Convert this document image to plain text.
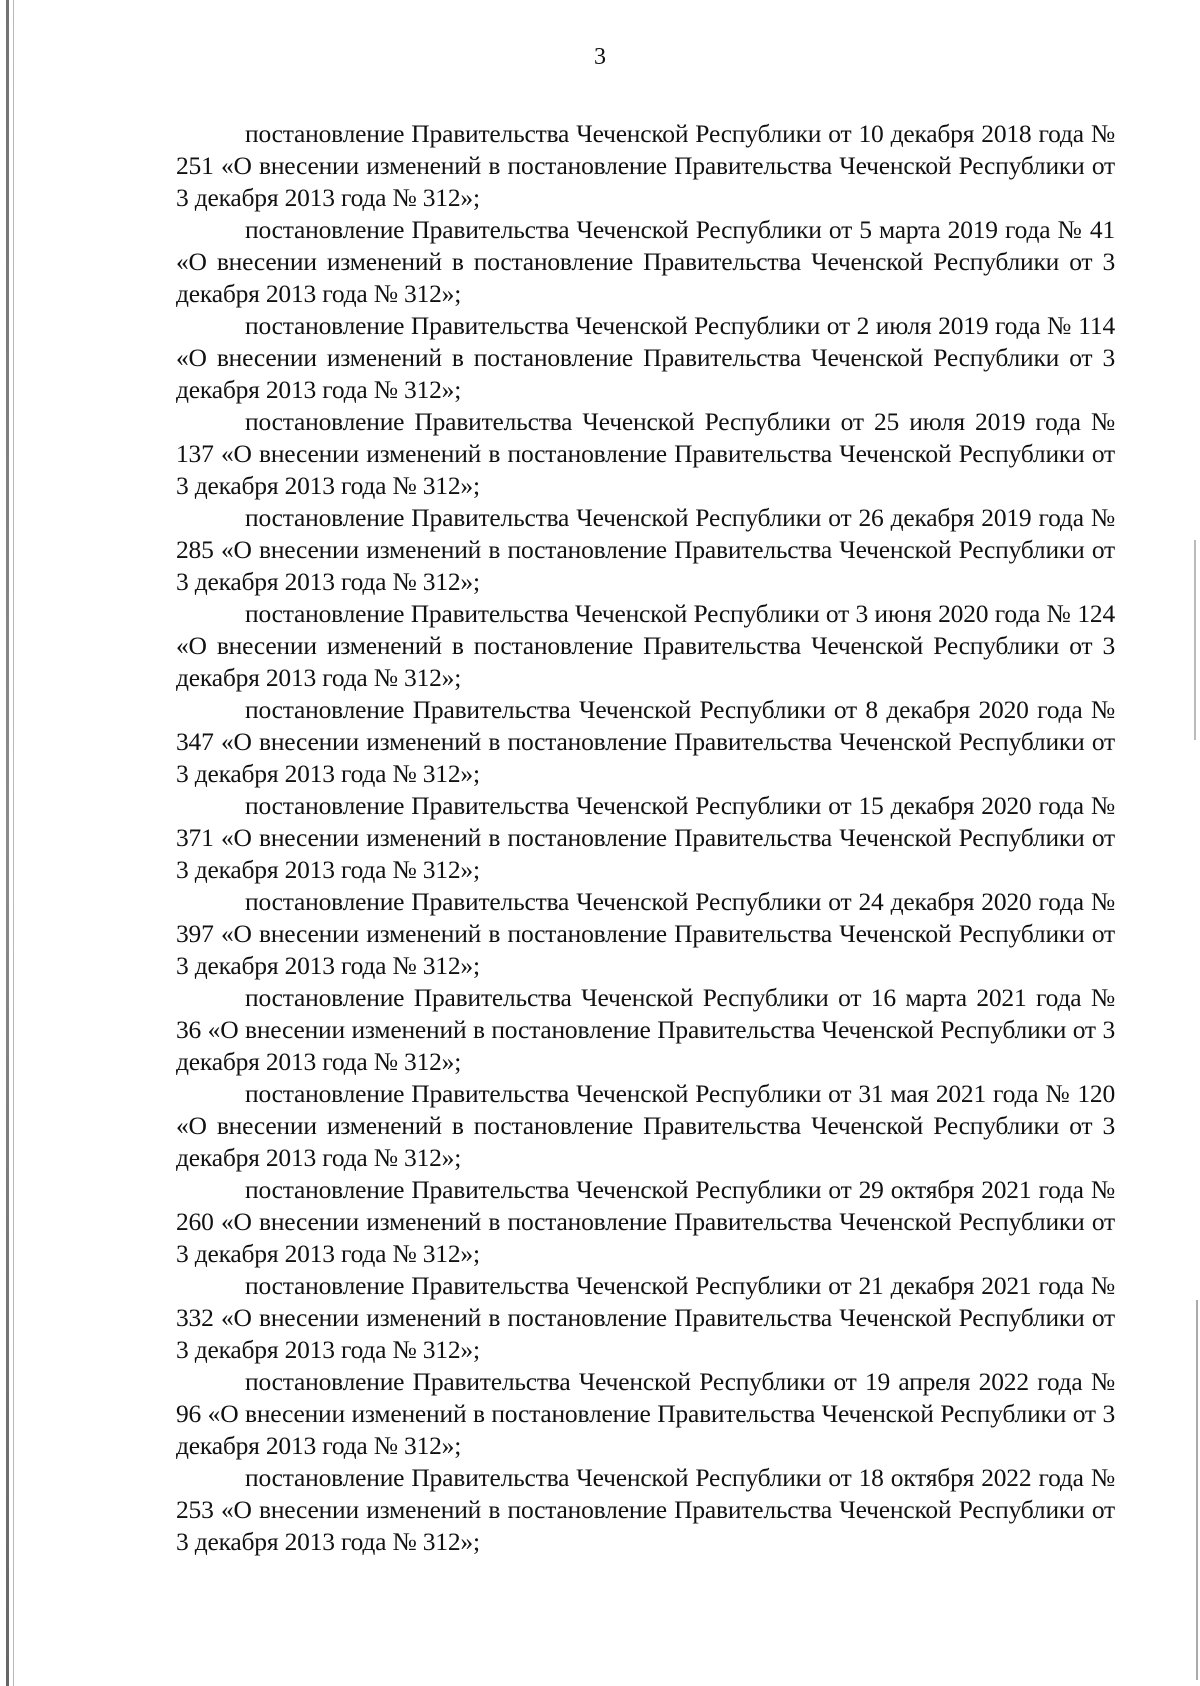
3

постановление Правительства Чеченской Республики от 10 декабря 2018 года № 251 «О внесении изменений в постановление Правительства Чеченской Республики от 3 декабря 2013 года № 312»;

постановление Правительства Чеченской Республики от 5 марта 2019 года № 41 «О внесении изменений в постановление Правительства Чеченской Республики от 3 декабря 2013 года № 312»;

постановление Правительства Чеченской Республики от 2 июля 2019 года № 114 «О внесении изменений в постановление Правительства Чеченской Республики от 3 декабря 2013 года № 312»;

постановление Правительства Чеченской Республики от 25 июля 2019 года № 137 «О внесении изменений в постановление Правительства Чеченской Республики от 3 декабря 2013 года № 312»;

постановление Правительства Чеченской Республики от 26 декабря 2019 года № 285 «О внесении изменений в постановление Правительства Чеченской Республики от 3 декабря 2013 года № 312»;

постановление Правительства Чеченской Республики от 3 июня 2020 года № 124 «О внесении изменений в постановление Правительства Чеченской Республики от 3 декабря 2013 года № 312»;

постановление Правительства Чеченской Республики от 8 декабря 2020 года № 347 «О внесении изменений в постановление Правительства Чеченской Республики от 3 декабря 2013 года № 312»;

постановление Правительства Чеченской Республики от 15 декабря 2020 года № 371 «О внесении изменений в постановление Правительства Чеченской Республики от 3 декабря 2013 года № 312»;

постановление Правительства Чеченской Республики от 24 декабря 2020 года № 397 «О внесении изменений в постановление Правительства Чеченской Республики от 3 декабря 2013 года № 312»;

постановление Правительства Чеченской Республики от 16 марта 2021 года № 36 «О внесении изменений в постановление Правительства Чеченской Республики от 3 декабря 2013 года № 312»;

постановление Правительства Чеченской Республики от 31 мая 2021 года № 120 «О внесении изменений в постановление Правительства Чеченской Республики от 3 декабря 2013 года № 312»;

постановление Правительства Чеченской Республики от 29 октября 2021 года № 260 «О внесении изменений в постановление Правительства Чеченской Республики от 3 декабря 2013 года № 312»;

постановление Правительства Чеченской Республики от 21 декабря 2021 года № 332 «О внесении изменений в постановление Правительства Чеченской Республики от 3 декабря 2013 года № 312»;

постановление Правительства Чеченской Республики от 19 апреля 2022 года № 96 «О внесении изменений в постановление Правительства Чеченской Республики от 3 декабря 2013 года № 312»;

постановление Правительства Чеченской Республики от 18 октября 2022 года № 253 «О внесении изменений в постановление Правительства Чеченской Республики от 3 декабря 2013 года № 312»;
